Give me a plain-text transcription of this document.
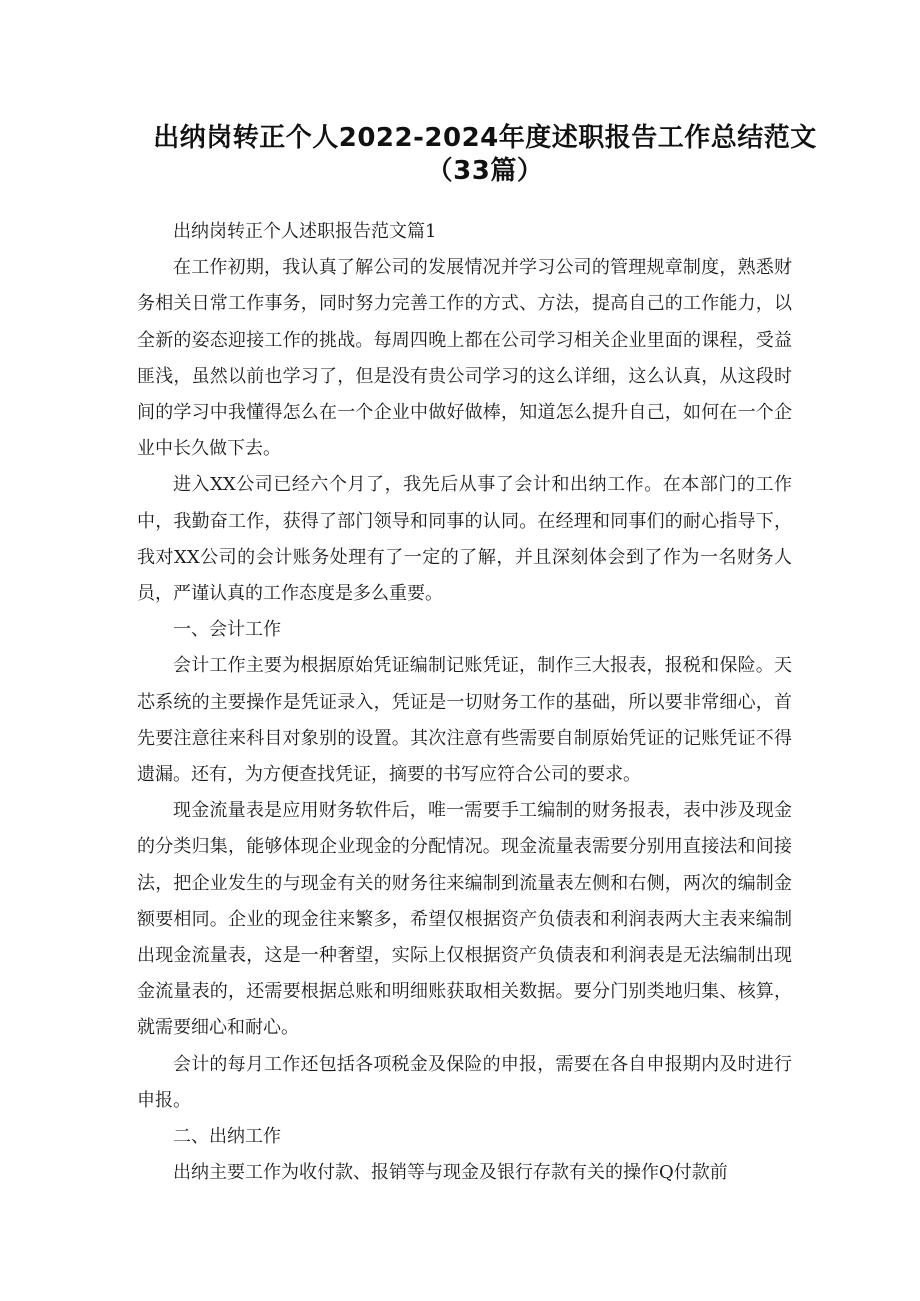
出纳岗转正个人2022-2024年度述职报告工作总结范文
（33篇）

出纳岗转正个人述职报告范文篇1

在工作初期，我认真了解公司的发展情况并学习公司的管理规章制度，熟悉财务相关日常工作事务，同时努力完善工作的方式、方法，提高自己的工作能力，以全新的姿态迎接工作的挑战。每周四晚上都在公司学习相关企业里面的课程，受益匪浅，虽然以前也学习了，但是没有贵公司学习的这么详细，这么认真，从这段时间的学习中我懂得怎么在一个企业中做好做棒，知道怎么提升自己，如何在一个企业中长久做下去。

进入XX公司已经六个月了，我先后从事了会计和出纳工作。在本部门的工作中，我勤奋工作，获得了部门领导和同事的认同。在经理和同事们的耐心指导下，我对XX公司的会计账务处理有了一定的了解，并且深刻体会到了作为一名财务人员，严谨认真的工作态度是多么重要。

一、会计工作

会计工作主要为根据原始凭证编制记账凭证，制作三大报表，报税和保险。天芯系统的主要操作是凭证录入，凭证是一切财务工作的基础，所以要非常细心，首先要注意往来科目对象别的设置。其次注意有些需要自制原始凭证的记账凭证不得遗漏。还有，为方便查找凭证，摘要的书写应符合公司的要求。

现金流量表是应用财务软件后，唯一需要手工编制的财务报表，表中涉及现金的分类归集，能够体现企业现金的分配情况。现金流量表需要分别用直接法和间接法，把企业发生的与现金有关的财务往来编制到流量表左侧和右侧，两次的编制金额要相同。企业的现金往来繁多，希望仅根据资产负债表和利润表两大主表来编制出现金流量表，这是一种奢望，实际上仅根据资产负债表和利润表是无法编制出现金流量表的，还需要根据总账和明细账获取相关数据。要分门别类地归集、核算，就需要细心和耐心。

会计的每月工作还包括各项税金及保险的申报，需要在各自申报期内及时进行申报。

二、出纳工作

出纳主要工作为收付款、报销等与现金及银行存款有关的操作Q付款前
